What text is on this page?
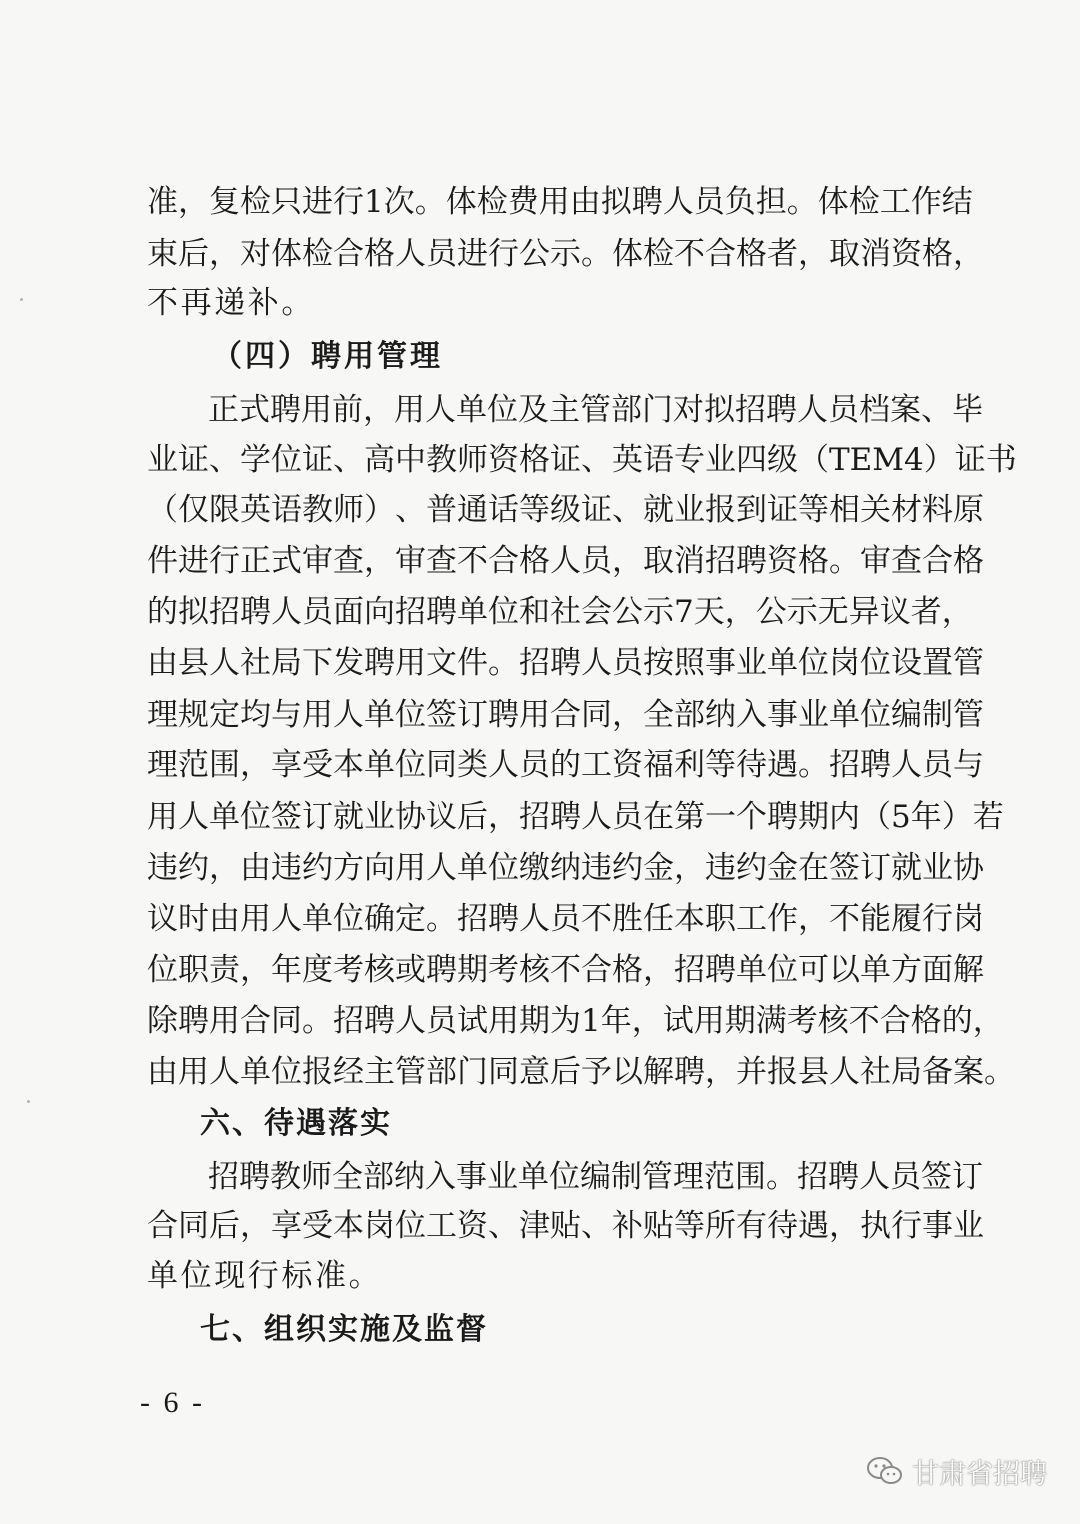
准 ， 复 检 只 进 行 1 次 。 体 检 费 用 由 拟 聘 人 员 负 担 。 体 检 工 作 结
束 后 ， 对 体 检 合 格 人 员 进 行 公 示 。 体 检 不 合 格 者 ， 取 消 资 格 ，
不再递补。
（四）聘用管理
正 式 聘 用 前 ， 用 人 单 位 及 主 管 部 门 对 拟 招 聘 人 员 档 案 、 毕
业 证 、 学 位 证 、 高 中 教 师 资 格 证 、 英 语 专 业 四 级 （ TEM4 ） 证 书
（ 仅 限 英 语 教 师 ） 、 普 通 话 等 级 证 、 就 业 报 到 证 等 相 关 材 料 原
件 进 行 正 式 审 查 ， 审 查 不 合 格 人 员 ， 取 消 招 聘 资 格 。 审 查 合 格
的 拟 招 聘 人 员 面 向 招 聘 单 位 和 社 会 公 示 7 天 ， 公 示 无 异 议 者 ，
由 县 人 社 局 下 发 聘 用 文 件 。 招 聘 人 员 按 照 事 业 单 位 岗 位 设 置 管
理 规 定 均 与 用 人 单 位 签 订 聘 用 合 同 ， 全 部 纳 入 事 业 单 位 编 制 管
理 范 围 ， 享 受 本 单 位 同 类 人 员 的 工 资 福 利 等 待 遇 。 招 聘 人 员 与
用 人 单 位 签 订 就 业 协 议 后 ， 招 聘 人 员 在 第 一 个 聘 期 内 （ 5 年 ） 若
违 约 ， 由 违 约 方 向 用 人 单 位 缴 纳 违 约 金 ， 违 约 金 在 签 订 就 业 协
议 时 由 用 人 单 位 确 定 。 招 聘 人 员 不 胜 任 本 职 工 作 ， 不 能 履 行 岗
位 职 责 ， 年 度 考 核 或 聘 期 考 核 不 合 格 ， 招 聘 单 位 可 以 单 方 面 解
除 聘 用 合 同 。 招 聘 人 员 试 用 期 为 1 年 ， 试 用 期 满 考 核 不 合 格 的 ，
由 用 人 单 位 报 经 主 管 部 门 同 意 后 予 以 解 聘 ， 并 报 县 人 社 局 备 案 。
六、待遇落实
招 聘 教 师 全 部 纳 入 事 业 单 位 编 制 管 理 范 围 。 招 聘 人 员 签 订
合 同 后 ， 享 受 本 岗 位 工 资 、 津 贴 、 补 贴 等 所 有 待 遇 ， 执 行 事 业
单位现行标准。
七、组织实施及监督
- 6 -
甘肃省招聘
